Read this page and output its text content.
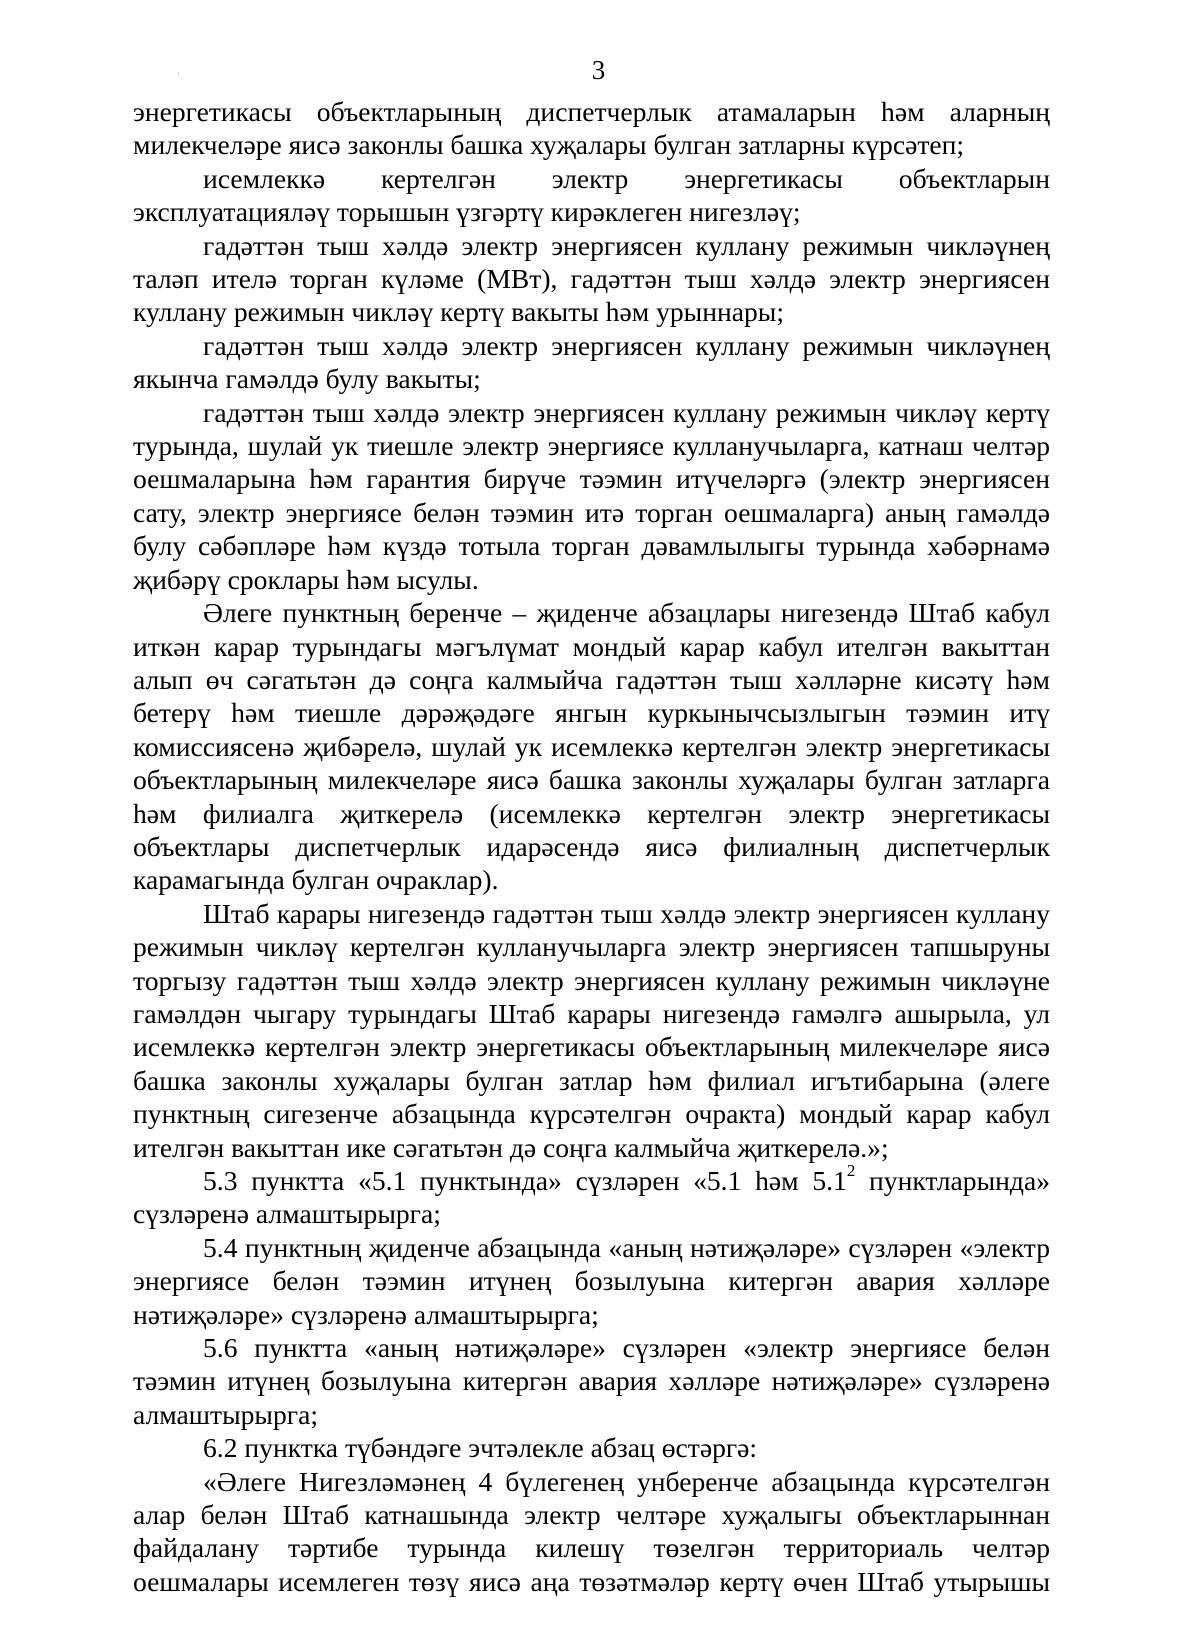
3

энергетикасы объектларының диспетчерлык атамаларын һәм аларның милекчеләре яисә законлы башка хуҗалары булган затларны күрсәтеп;

исемлеккә кертелгән электр энергетикасы объектларын эксплуатацияләү торышын үзгәртү кирәклеген нигезләү;

гадәттән тыш хәлдә электр энергиясен куллану режимын чикләүнең таләп ителә торган күләме (МВт), гадәттән тыш хәлдә электр энергиясен куллану режимын чикләү кертү вакыты һәм урыннары;

гадәттән тыш хәлдә электр энергиясен куллану режимын чикләүнең якынча гамәлдә булу вакыты;

гадәттән тыш хәлдә электр энергиясен куллану режимын чикләү кертү турында, шулай ук тиешле электр энергиясе кулланучыларга, катнаш челтәр оешмаларына һәм гарантия бирүче тәэмин итүчеләргә (электр энергиясен сату, электр энергиясе белән тәэмин итә торган оешмаларга) аның гамәлдә булу сәбәпләре һәм күздә тотыла торган дәвамлылыгы турында хәбәрнамә җибәрү сроклары һәм ысулы.

Әлеге пунктның беренче – җиденче абзацлары нигезендә Штаб кабул иткән карар турындагы мәгълүмат мондый карар кабул ителгән вакыттан алып өч сәгатьтән дә соңга калмыйча гадәттән тыш хәлләрне кисәтү һәм бетерү һәм тиешле дәрәҗәдәге янгын куркынычсызлыгын тәэмин итү комиссиясенә җибәрелә, шулай ук исемлеккә кертелгән электр энергетикасы объектларының милекчеләре яисә башка законлы хуҗалары булган затларга һәм филиалга җиткерелә (исемлеккә кертелгән электр энергетикасы объектлары диспетчерлык идарәсендә яисә филиалның диспетчерлык карамагында булган очраклар).

Штаб карары нигезендә гадәттән тыш хәлдә электр энергиясен куллану режимын чикләү кертелгән кулланучыларга электр энергиясен тапшыруны торгызу гадәттән тыш хәлдә электр энергиясен куллану режимын чикләүне гамәлдән чыгару турындагы Штаб карары нигезендә гамәлгә ашырыла, ул исемлеккә кертелгән электр энергетикасы объектларының милекчеләре яисә башка законлы хуҗалары булган затлар һәм филиал игътибарына (әлеге пунктның сигезенче абзацында күрсәтелгән очракта) мондый карар кабул ителгән вакыттан ике сәгатьтән дә соңга калмыйча җиткерелә.»;

5.3 пунктта «5.1 пунктында» сүзләрен «5.1 һәм $5.1^2$ пунктларында» сүзләренә алмаштырырга;

5.4 пунктның җиденче абзацында «аның нәтиҗәләре» сүзләрен «электр энергиясе белән тәэмин итүнең бозылуына китергән авария хәлләре нәтиҗәләре» сүзләренә алмаштырырга;

5.6 пунктта «аның нәтиҗәләре» сүзләрен «электр энергиясе белән тәэмин итүнең бозылуына китергән авария хәлләре нәтиҗәләре» сүзләренә алмаштырырга;

6.2 пунктка түбәндәге эчтәлекле абзац өстәргә:

«Әлеге Нигезләмәнең 4 бүлегенең унберенче абзацында күрсәтелгән алар белән Штаб катнашында электр челтәре хуҗалыгы объектларыннан файдалану тәртибе турында килешү төзелгән территориаль челтәр оешмалары исемлеген төзү яисә аңа төзәтмәләр кертү өчен Штаб утырышы
